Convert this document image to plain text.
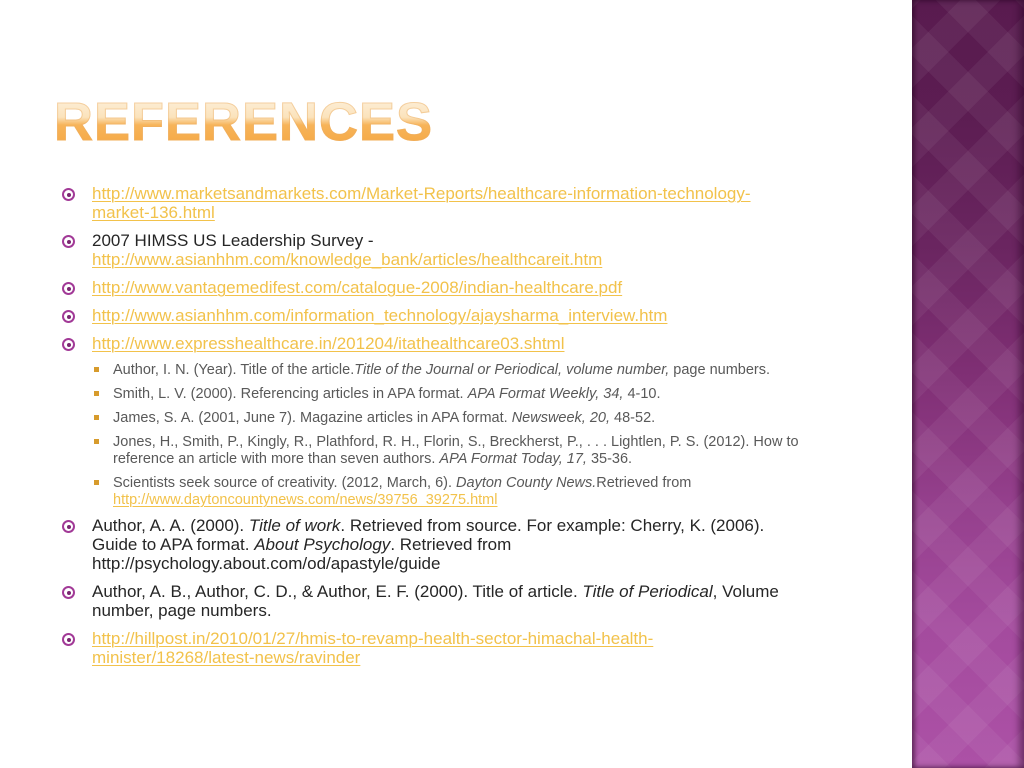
REFERENCES
http://www.marketsandmarkets.com/Market-Reports/healthcare-information-technology-
market-136.html
2007 HIMSS US Leadership Survey -
http://www.asianhhm.com/knowledge_bank/articles/healthcareit.htm
http://www.vantagemedifest.com/catalogue-2008/indian-healthcare.pdf
http://www.asianhhm.com/information_technology/ajaysharma_interview.htm
http://www.expresshealthcare.in/201204/itathealthcare03.shtml
Author, I. N. (Year). Title of the article.Title of the Journal or Periodical, volume number, page numbers.
Smith, L. V. (2000). Referencing articles in APA format. APA Format Weekly, 34, 4-10.
James, S. A. (2001, June 7). Magazine articles in APA format. Newsweek, 20, 48-52.
Jones, H., Smith, P., Kingly, R., Plathford, R. H., Florin, S., Breckherst, P., . . . Lightlen, P. S. (2012). How to
reference an article with more than seven authors. APA Format Today, 17, 35-36.
Scientists seek source of creativity. (2012, March, 6). Dayton County News.Retrieved from
http://www.daytoncountynews.com/news/39756_39275.html
Author, A. A. (2000). Title of work. Retrieved from source. For example: Cherry, K. (2006).
Guide to APA format. About Psychology. Retrieved from
http://psychology.about.com/od/apastyle/guide
Author, A. B., Author, C. D., & Author, E. F. (2000). Title of article. Title of Periodical, Volume
number, page numbers.
http://hillpost.in/2010/01/27/hmis-to-revamp-health-sector-himachal-health-
minister/18268/latest-news/ravinder
